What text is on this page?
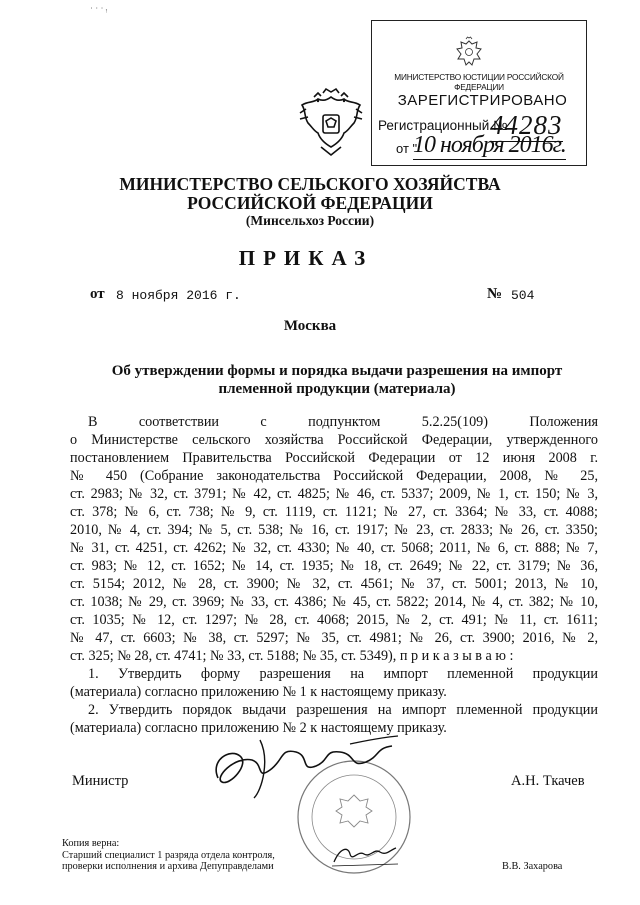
˙ ˙ ˙ ᵎ
МИНИСТЕРСТВО ЮСТИЦИИ РОССИЙСКОЙ ФЕДЕРАЦИИ
ЗАРЕГИСТРИРОВАНО
Регистрационный №
44283
от "
10 ноября 2016г.
МИНИСТЕРСТВО СЕЛЬСКОГО ХОЗЯЙСТВА
РОССИЙСКОЙ ФЕДЕРАЦИИ
(Минсельхоз России)
ПРИКАЗ
от 8 ноября 2016 г.	№ 504
Москва
Об утверждении формы и порядка выдачи разрешения на импорт племенной продукции (материала)
В соответствии с подпунктом 5.2.25(109) Положения
о Министерстве сельского хозяйства Российской Федерации, утвержденного
постановлением Правительства Российской Федерации от 12 июня 2008 г.
№ 450 (Собрание законодательства Российской Федерации, 2008, № 25,
ст. 2983; № 32, ст. 3791; № 42, ст. 4825; № 46, ст. 5337; 2009, № 1, ст. 150; № 3,
ст. 378; № 6, ст. 738; № 9, ст. 1119, ст. 1121; № 27, ст. 3364; № 33, ст. 4088;
2010, № 4, ст. 394; № 5, ст. 538; № 16, ст. 1917; № 23, ст. 2833; № 26, ст. 3350;
№ 31, ст. 4251, ст. 4262; № 32, ст. 4330; № 40, ст. 5068; 2011, № 6, ст. 888; № 7,
ст. 983; № 12, ст. 1652; № 14, ст. 1935; № 18, ст. 2649; № 22, ст. 3179; № 36,
ст. 5154; 2012, № 28, ст. 3900; № 32, ст. 4561; № 37, ст. 5001; 2013, № 10,
ст. 1038; № 29, ст. 3969; № 33, ст. 4386; № 45, ст. 5822; 2014, № 4, ст. 382; № 10,
ст. 1035; № 12, ст. 1297; № 28, ст. 4068; 2015, № 2, ст. 491; № 11, ст. 1611;
№ 47, ст. 6603; № 38, ст. 5297; № 35, ст. 4981; № 26, ст. 3900; 2016, № 2,
ст. 325; № 28, ст. 4741; № 33, ст. 5188; № 35, ст. 5349), п р и к а з ы в а ю :
1. Утвердить форму разрешения на импорт племенной продукции
(материала) согласно приложению № 1 к настоящему приказу.
2. Утвердить порядок выдачи разрешения на импорт племенной продукции
(материала) согласно приложению № 2 к настоящему приказу.
Министр	А.Н. Ткачев
Копия верна:
Старший специалист 1 разряда отдела контроля,
проверки исполнения и архива Депуправделами	В.В. Захарова
